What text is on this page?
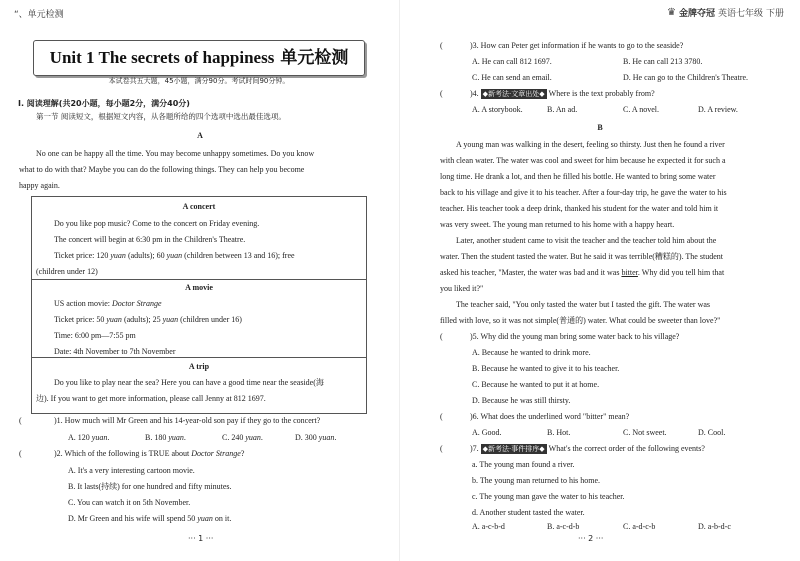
“、单元检测
Unit 1 The secrets of happiness 单元检测
本试卷共五大题，45小题，满分90分。考试时间90分钟。
Ⅰ. 阅读理解(共20小题，每小题2分，满分40分)
第一节 阅读短文，根据短文内容，从各题所给的四个选项中选出最佳选项。
A
No one can be happy all the time. You may become unhappy sometimes. Do you know
what to do with that? Maybe you can do the following things. They can help you become
happy again.
A concert
Do you like pop music? Come to the concert on Friday evening.
The concert will begin at 6:30 pm in the Children's Theatre.
Ticket price: 120 yuan (adults); 60 yuan (children between 13 and 16); free
(children under 12)
A movie
US action movie: Doctor Strange
Ticket price: 50 yuan (adults); 25 yuan (children under 16)
Time: 6:00 pm—7:55 pm
Date: 4th November to 7th November
A trip
Do you like to play near the sea? Here you can have a good time near the seaside(海
边). If you want to get more information, please call Jenny at 812 1697.
(	)1. How much will Mr Green and his 14-year-old son pay if they go to the concert?
A. 120 yuan.	B. 180 yuan.	C. 240 yuan.	D. 300 yuan.
(	)2. Which of the following is TRUE about Doctor Strange?
A. It's a very interesting cartoon movie.
B. It lasts(持续) for one hundred and fifty minutes.
C. You can watch it on 5th November.
D. Mr Green and his wife will spend 50 yuan on it.
··· 1 ···
♛ 金牌夺冠 英语七年级 下册
(	)3. How can Peter get information if he wants to go to the seaside?
A. He can call 812 1697.	B. He can call 213 3780.
C. He can send an email.	D. He can go to the Children's Theatre.
(	)4. ◆新考法·文章出处◆ Where is the text probably from?
A. A storybook.	B. An ad.	C. A novel.	D. A review.
B
A young man was walking in the desert, feeling so thirsty. Just then he found a river
with clean water. The water was cool and sweet for him because he expected it for such a
long time. He drank a lot, and then he filled his bottle. He wanted to bring some water
back to his village and give it to his teacher. After a four-day trip, he gave the water to his
teacher. His teacher took a deep drink, thanked his student for the water and told him it
was very sweet. The young man returned to his home with a happy heart.
Later, another student came to visit the teacher and the teacher told him about the
water. Then the student tasted the water. But he said it was terrible(糟糕的). The student
asked his teacher, "Master, the water was bad and it was bitter. Why did you tell him that
you liked it?"
The teacher said, "You only tasted the water but I tasted the gift. The water was
filled with love, so it was not simple(普通的) water. What could be sweeter than love?"
(	)5. Why did the young man bring some water back to his village?
A. Because he wanted to drink more.
B. Because he wanted to give it to his teacher.
C. Because he wanted to put it at home.
D. Because he was still thirsty.
(	)6. What does the underlined word "bitter" mean?
A. Good.	B. Hot.	C. Not sweet.	D. Cool.
(	)7. ◆新考法·事件排序◆ What's the correct order of the following events?
a. The young man found a river.
b. The young man returned to his home.
c. The young man gave the water to his teacher.
d. Another student tasted the water.
A. a-c-b-d	B. a-c-d-b	C. a-d-c-b	D. a-b-d-c
··· 2 ···
